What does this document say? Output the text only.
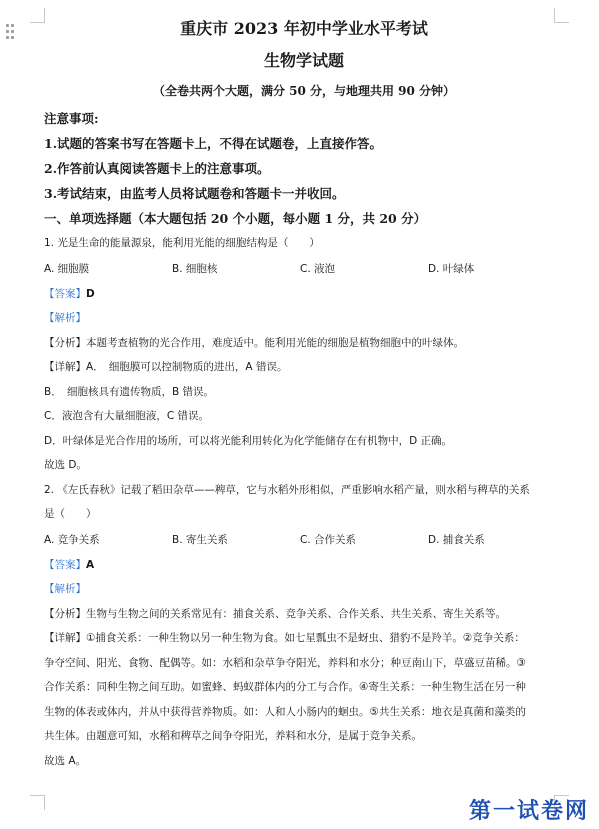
重庆市 2023 年初中学业水平考试
生物学试题
（全卷共两个大题，满分 50 分，与地理共用 90 分钟）
注意事项:
1.试题的答案书写在答题卡上，不得在试题卷，上直接作答。
2.作答前认真阅读答题卡上的注意事项。
3.考试结束，由监考人员将试题卷和答题卡一并收回。
一、单项选择题（本大题包括 20 个小题，每小题 1 分，共 20 分）
1. 光是生命的能量源泉，能利用光能的细胞结构是（　　）
A. 细胞膜	B. 细胞核	C. 液泡	D. 叶绿体
【答案】D
【解析】
【分析】本题考查植物的光合作用，难度适中。能利用光能的细胞是植物细胞中的叶绿体。
【详解】A．　细胞膜可以控制物质的进出，A 错误。
B．　细胞核具有遗传物质，B 错误。
C．液泡含有大量细胞液，C 错误。
D．叶绿体是光合作用的场所，可以将光能利用转化为化学能储存在有机物中，D 正确。
故选 D。
2. 《左氏春秋》记载了稻田杂草——稗草，它与水稻外形相似，严重影响水稻产量，则水稻与稗草的关系
是（　　）
A. 竞争关系	B. 寄生关系	C. 合作关系	D. 捕食关系
【答案】A
【解析】
【分析】生物与生物之间的关系常见有：捕食关系、竞争关系、合作关系、共生关系、寄生关系等。
【详解】①捕食关系：一种生物以另一种生物为食。如七星瓢虫不是蚜虫、猎豹不是羚羊。②竞争关系：
争夺空间、阳光、食物、配偶等。如：水稻和杂草争夺阳光，养料和水分；种豆南山下，草盛豆苗稀。③
合作关系：同种生物之间互助。如蜜蜂、蚂蚁群体内的分工与合作。④寄生关系：一种生物生活在另一种
生物的体表或体内，并从中获得营养物质。如：人和人小肠内的蛔虫。⑤共生关系：地衣是真菌和藻类的
共生体。由题意可知，水稻和稗草之间争夺阳光，养料和水分，是属于竞争关系。
故选 A。
第一试卷网
